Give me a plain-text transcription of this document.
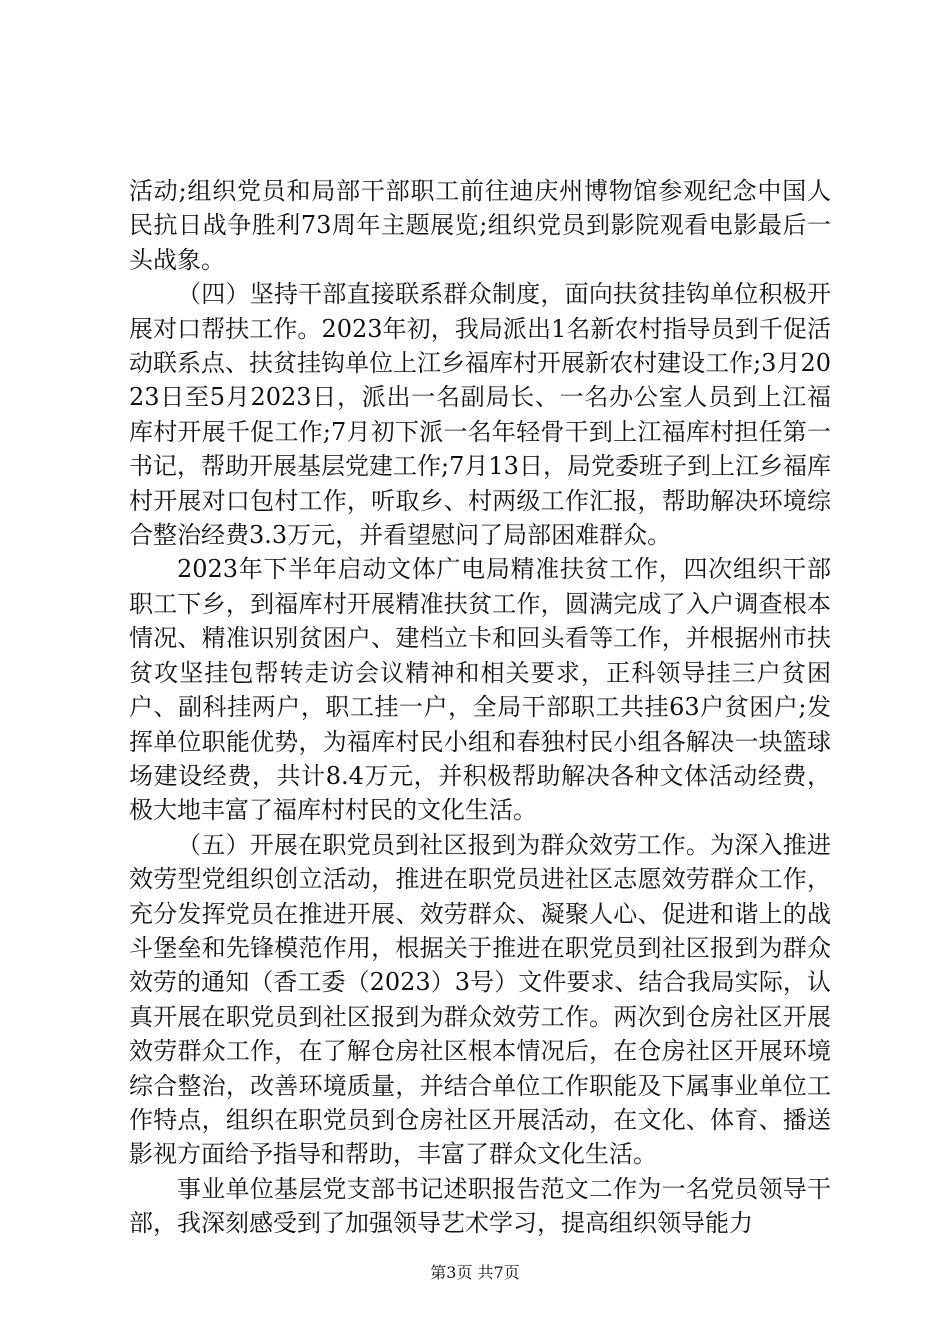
活动;组织党员和局部干部职工前往迪庆州博物馆参观纪念中国人民抗日战争胜利73周年主题展览;组织党员到影院观看电影最后一头战象。

（四）坚持干部直接联系群众制度，面向扶贫挂钩单位积极开展对口帮扶工作。2023年初，我局派出1名新农村指导员到千促活动联系点、扶贫挂钩单位上江乡福库村开展新农村建设工作;3月2023日至5月2023日，派出一名副局长、一名办公室人员到上江福库村开展千促工作;7月初下派一名年轻骨干到上江福库村担任第一书记，帮助开展基层党建工作;7月13日，局党委班子到上江乡福库村开展对口包村工作，听取乡、村两级工作汇报，帮助解决环境综合整治经费3.3万元，并看望慰问了局部困难群众。

2023年下半年启动文体广电局精准扶贫工作，四次组织干部职工下乡，到福库村开展精准扶贫工作，圆满完成了入户调查根本情况、精准识别贫困户、建档立卡和回头看等工作，并根据州市扶贫攻坚挂包帮转走访会议精神和相关要求，正科领导挂三户贫困户、副科挂两户，职工挂一户，全局干部职工共挂63户贫困户;发挥单位职能优势，为福库村民小组和春独村民小组各解决一块篮球场建设经费，共计8.4万元，并积极帮助解决各种文体活动经费，极大地丰富了福库村村民的文化生活。

（五）开展在职党员到社区报到为群众效劳工作。为深入推进效劳型党组织创立活动，推进在职党员进社区志愿效劳群众工作，充分发挥党员在推进开展、效劳群众、凝聚人心、促进和谐上的战斗堡垒和先锋模范作用，根据关于推进在职党员到社区报到为群众效劳的通知（香工委（2023）3号）文件要求、结合我局实际，认真开展在职党员到社区报到为群众效劳工作。两次到仓房社区开展效劳群众工作，在了解仓房社区根本情况后，在仓房社区开展环境综合整治，改善环境质量，并结合单位工作职能及下属事业单位工作特点，组织在职党员到仓房社区开展活动，在文化、体育、播送影视方面给予指导和帮助，丰富了群众文化生活。

事业单位基层党支部书记述职报告范文二作为一名党员领导干部，我深刻感受到了加强领导艺术学习，提高组织领导能力

第3页 共7页
